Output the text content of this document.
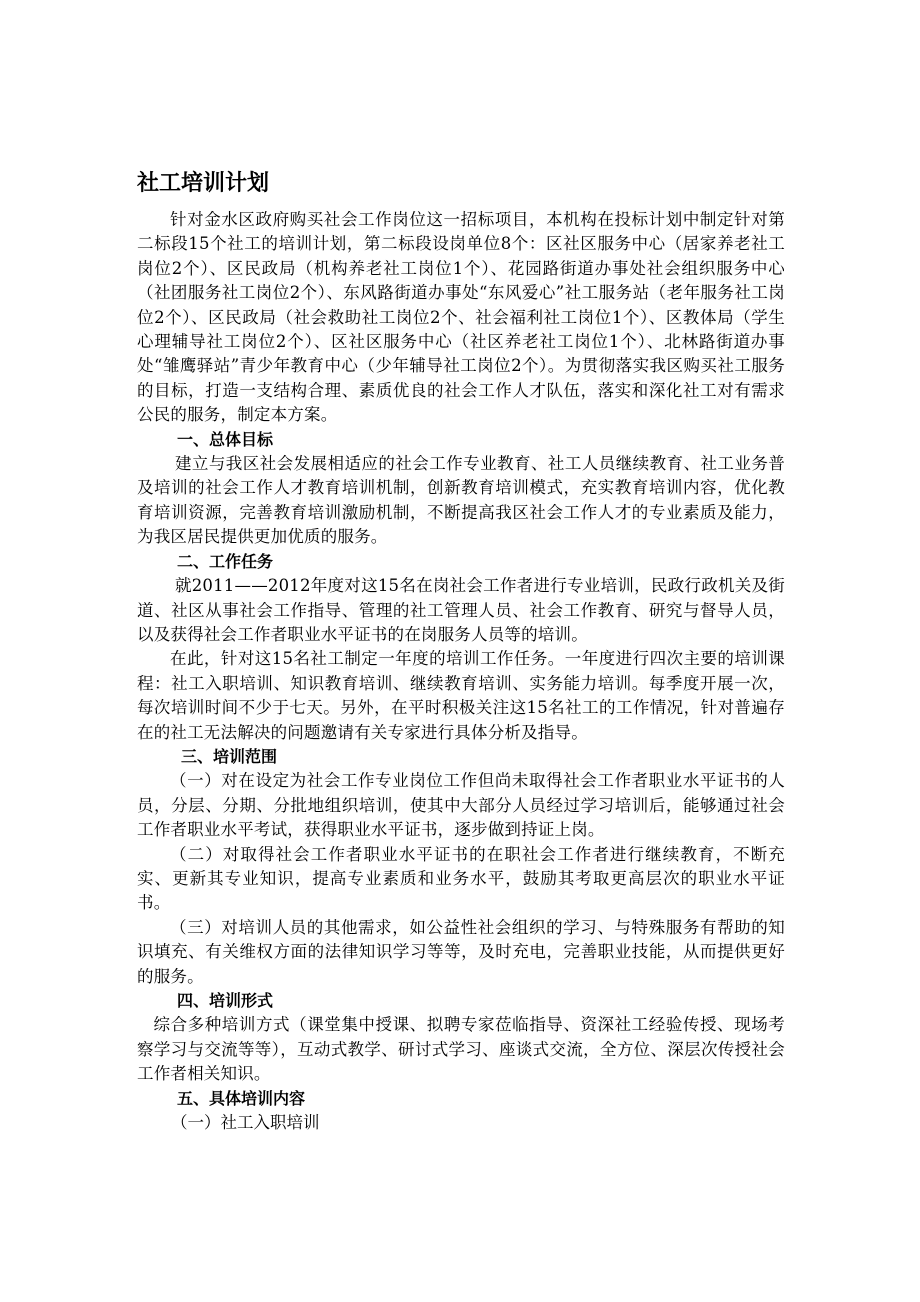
社工培训计划

针对金水区政府购买社会工作岗位这一招标项目，本机构在投标计划中制定针对第二标段15个社工的培训计划，第二标段设岗单位8个：区社区服务中心（居家养老社工岗位2个）、区民政局（机构养老社工岗位1个）、花园路街道办事处社会组织服务中心（社团服务社工岗位2个）、东风路街道办事处“东风爱心”社工服务站（老年服务社工岗位2个）、区民政局（社会救助社工岗位2个、社会福利社工岗位1个）、区教体局（学生心理辅导社工岗位2个）、区社区服务中心（社区养老社工岗位1个）、北林路街道办事处“雏鹰驿站”青少年教育中心（少年辅导社工岗位2个）。为贯彻落实我区购买社工服务的目标，打造一支结构合理、素质优良的社会工作人才队伍，落实和深化社工对有需求公民的服务，制定本方案。

一、总体目标

建立与我区社会发展相适应的社会工作专业教育、社工人员继续教育、社工业务普及培训的社会工作人才教育培训机制，创新教育培训模式，充实教育培训内容，优化教育培训资源，完善教育培训激励机制，不断提高我区社会工作人才的专业素质及能力，为我区居民提供更加优质的服务。

二、工作任务

就2011——2012年度对这15名在岗社会工作者进行专业培训，民政行政机关及街道、社区从事社会工作指导、管理的社工管理人员、社会工作教育、研究与督导人员，以及获得社会工作者职业水平证书的在岗服务人员等的培训。

在此，针对这15名社工制定一年度的培训工作任务。一年度进行四次主要的培训课程：社工入职培训、知识教育培训、继续教育培训、实务能力培训。每季度开展一次，每次培训时间不少于七天。另外，在平时积极关注这15名社工的工作情况，针对普遍存在的社工无法解决的问题邀请有关专家进行具体分析及指导。

三、培训范围

（一）对在设定为社会工作专业岗位工作但尚未取得社会工作者职业水平证书的人员，分层、分期、分批地组织培训，使其中大部分人员经过学习培训后，能够通过社会工作者职业水平考试，获得职业水平证书，逐步做到持证上岗。

（二）对取得社会工作者职业水平证书的在职社会工作者进行继续教育，不断充实、更新其专业知识，提高专业素质和业务水平，鼓励其考取更高层次的职业水平证书。

（三）对培训人员的其他需求，如公益性社会组织的学习、与特殊服务有帮助的知识填充、有关维权方面的法律知识学习等等，及时充电，完善职业技能，从而提供更好的服务。

四、培训形式

综合多种培训方式（课堂集中授课、拟聘专家莅临指导、资深社工经验传授、现场考察学习与交流等等），互动式教学、研讨式学习、座谈式交流，全方位、深层次传授社会工作者相关知识。

五、具体培训内容

（一）社工入职培训
